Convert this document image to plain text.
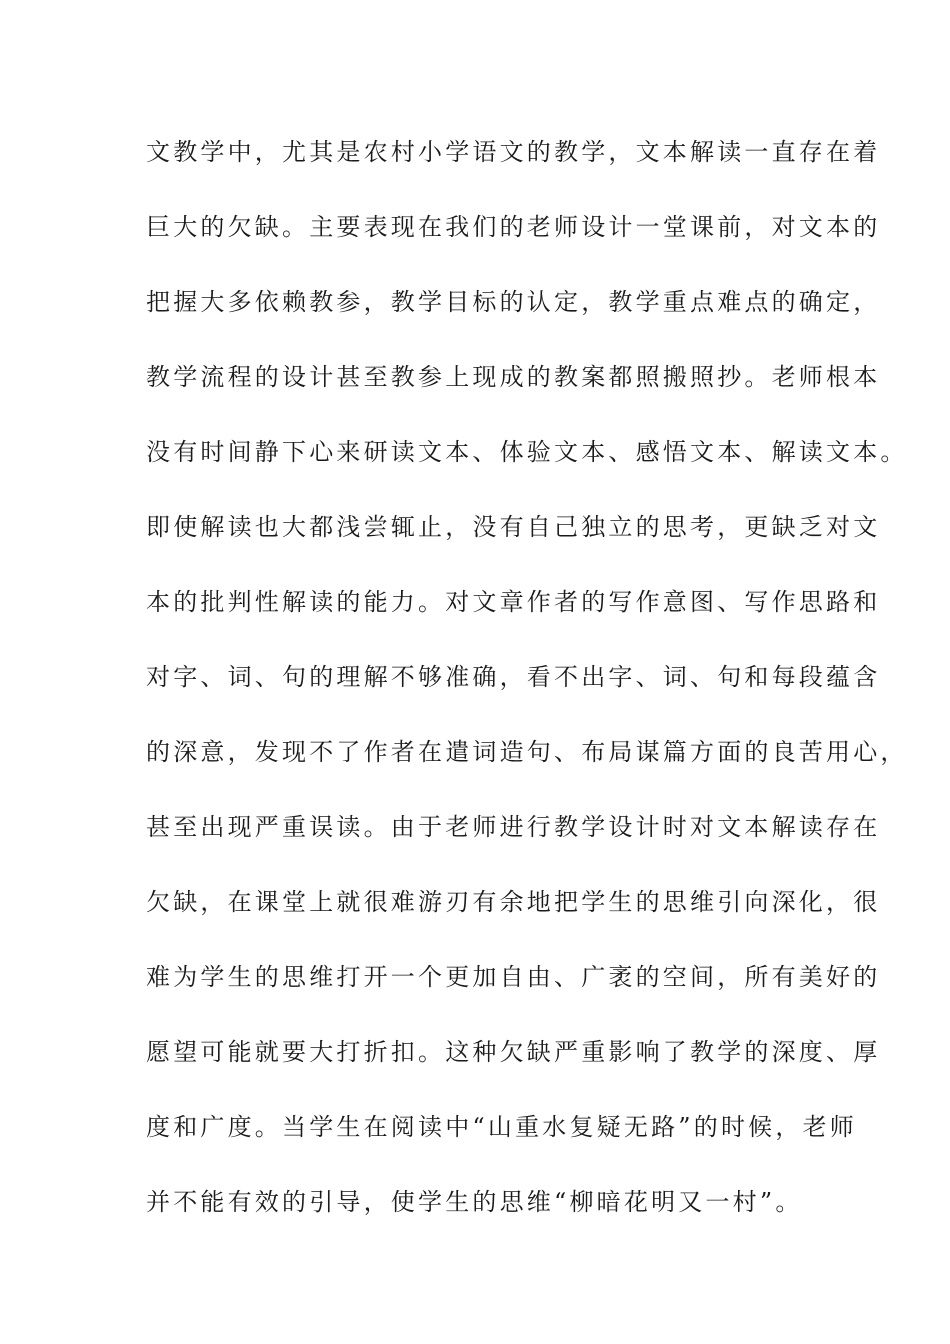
文教学中，尤其是农村小学语文的教学，文本解读一直存在着
巨大的欠缺。主要表现在我们的老师设计一堂课前，对文本的
把握大多依赖教参，教学目标的认定，教学重点难点的确定，
教学流程的设计甚至教参上现成的教案都照搬照抄。老师根本
没有时间静下心来研读文本、体验文本、感悟文本、解读文本。
即使解读也大都浅尝辄止，没有自己独立的思考，更缺乏对文
本的批判性解读的能力。对文章作者的写作意图、写作思路和
对字、词、句的理解不够准确，看不出字、词、句和每段蕴含
的深意，发现不了作者在遣词造句、布局谋篇方面的良苦用心，
甚至出现严重误读。由于老师进行教学设计时对文本解读存在
欠缺，在课堂上就很难游刃有余地把学生的思维引向深化，很
难为学生的思维打开一个更加自由、广袤的空间，所有美好的
愿望可能就要大打折扣。这种欠缺严重影响了教学的深度、厚
度和广度。当学生在阅读中“山重水复疑无路”的时候，老师
并不能有效的引导，使学生的思维“柳暗花明又一村”。
